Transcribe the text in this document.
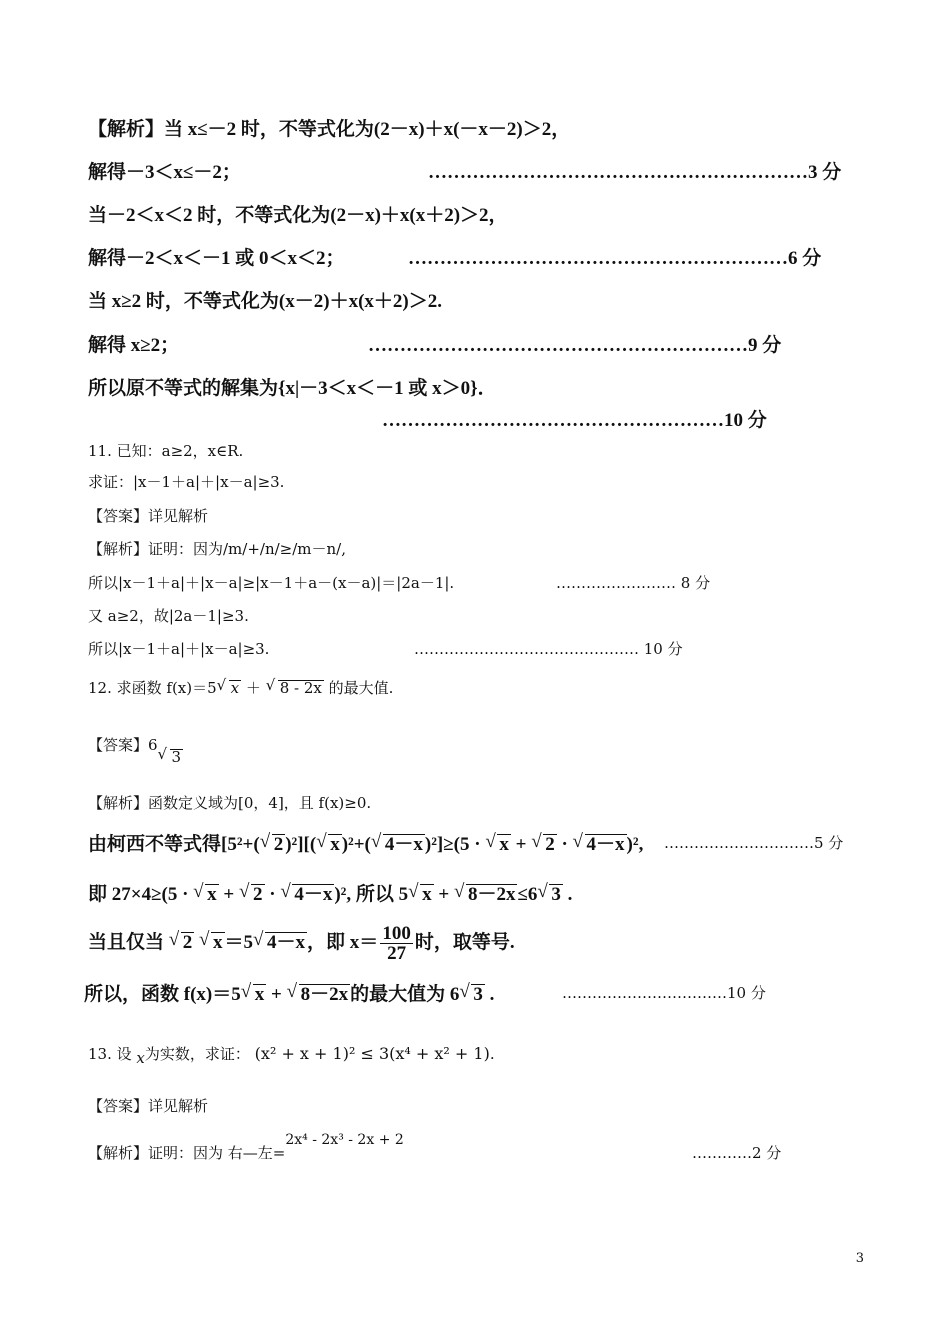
【解析】当 x≤－2 时，不等式化为(2－x)＋x(－x－2)＞2，
解得－3＜x≤－2；	……………………………………………………3 分
当－2＜x＜2 时，不等式化为(2－x)＋x(x＋2)＞2，
解得－2＜x＜－1 或 0＜x＜2；	……………………………………………………6 分
当 x≥2 时，不等式化为(x－2)＋x(x＋2)＞2.
解得 x≥2；	……………………………………………………9 分
所以原不等式的解集为{x|－3＜x＜－1 或 x＞0}．
………………………………………………10 分
11. 已知：a≥2，x∈R.
求证：|x－1＋a|＋|x－a|≥3.
【答案】详见解析
【解析】证明：因为/m/+/n/≥/m－n/,
所以|x－1＋a|＋|x－a|≥|x－1＋a－(x－a)|＝|2a－1|.	…………………… 8 分
又 a≥2，故|2a－1|≥3.
所以|x－1＋a|＋|x－a|≥3.	……………………………………… 10 分
12. 求函数 f(x)＝5 √ x ＋ √ 8 - 2x 的最大值.
【答案】6√ 3
【解析】函数定义域为[0，4]，且 f(x)≥0.
由柯西不等式得[5²+( √ 2 )²][( √ x )²+( √ 4－x )²]≥(5 · √ x + √ 2 · √ 4－x )², …………………………5 分
即 27×4≥(5 · √ x + √ 2 · √ 4－x )², 所以 5 √ x + √ 8－2x ≤6 √ 3 .
当且仅当 √ 2 √ x ＝5 √ 4－x ，即 $x= \frac{100}{27}$ 时，取等号.
所以，函数 f(x)＝5 √ x + √ 8－2x 的最大值为 6 √ 3 .	……………………………10 分
13. 设 x为实数，求证： (x² + x + 1)² ≤ 3(x⁴ + x² + 1).
【答案】详见解析
【解析】证明：因为 右—左=2x⁴ - 2x³ - 2x + 2
…………2 分
3
